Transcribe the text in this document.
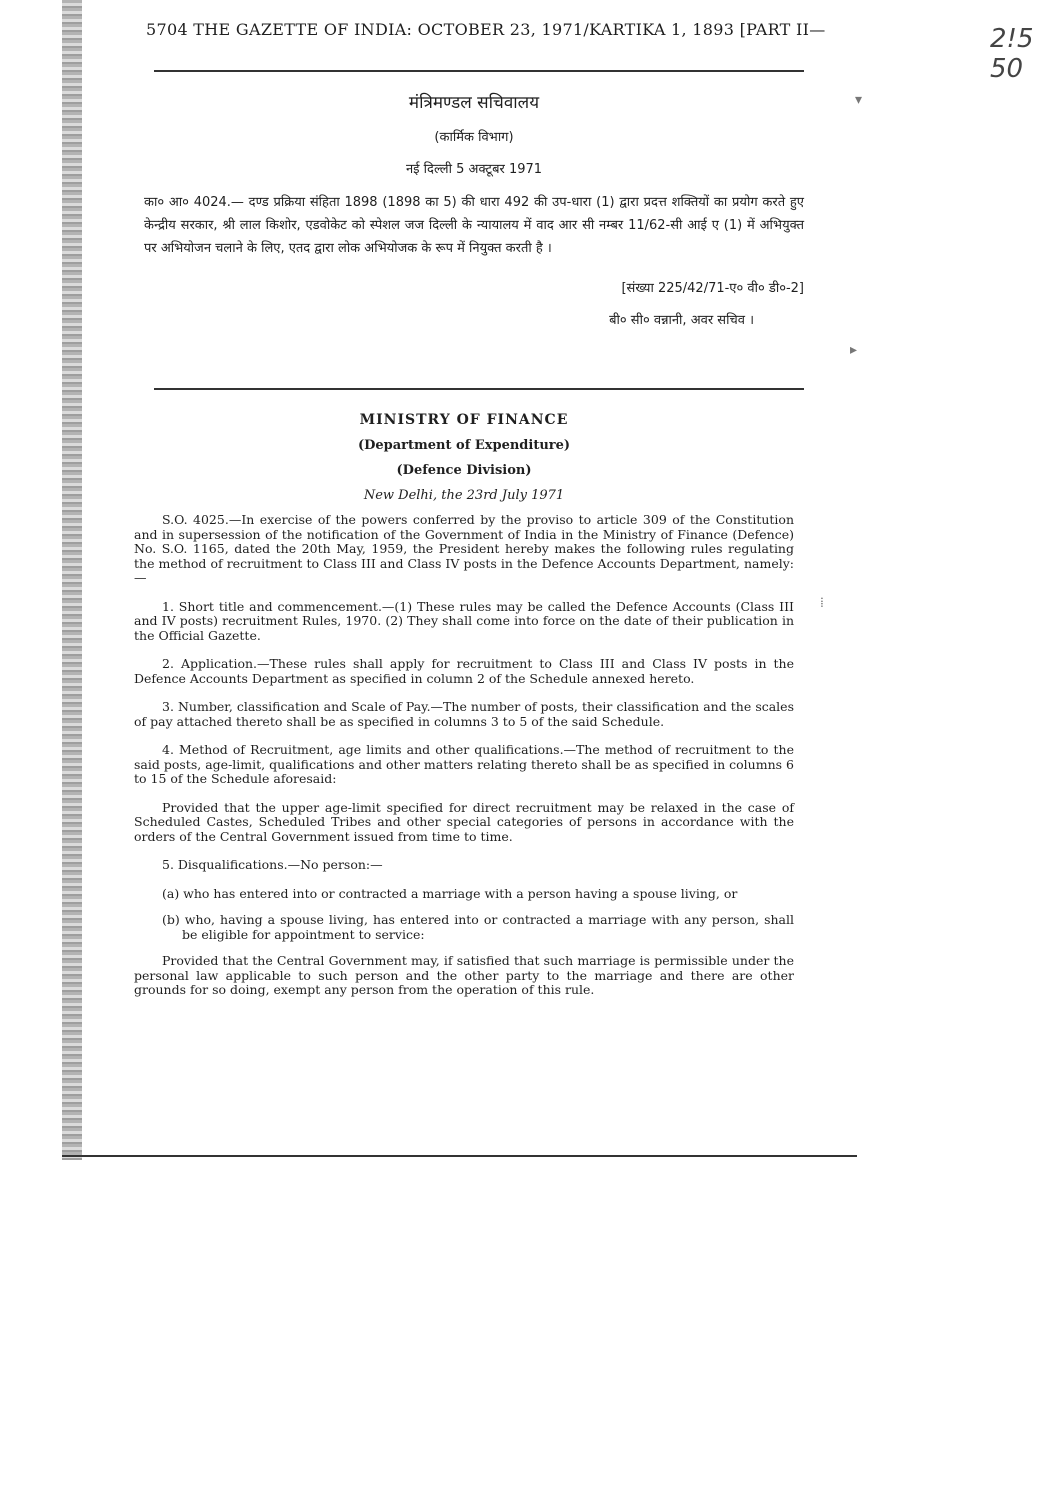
5704 THE GAZETTE OF INDIA: OCTOBER 23, 1971/KARTIKA 1, 1893 [PART II—
मंत्रिमण्डल सचिवालय
(कार्मिक विभाग)
नई दिल्ली 5 अक्टूबर 1971

का० आ० 4024.— दण्ड प्रक्रिया संहिता 1898 (1898 का 5) की धारा 492 की उप-धारा (1) द्वारा प्रदत्त शक्तियों का प्रयोग करते हुए केन्द्रीय सरकार, श्री लाल किशोर, एडवोकेट को स्पेशल जज दिल्ली के न्यायालय में वाद आर सी नम्बर 11/62-सी आई ए (1) में अभियुक्त पर अभियोजन चलाने के लिए, एतद द्वारा लोक अभियोजक के रूप में नियुक्त करती है ।

[संख्या 225/42/71-ए० वी० डी०-2]
बी० सी० वन्नानी, अवर सचिव ।
MINISTRY OF FINANCE
(Department of Expenditure)
(Defence Division)
New Delhi, the 23rd July 1971

S.O. 4025.—In exercise of the powers conferred by the proviso to article 309 of the Constitution and in supersession of the notification of the Government of India in the Ministry of Finance (Defence) No. S.O. 1165, dated the 20th May, 1959, the President hereby makes the following rules regulating the method of recruitment to Class III and Class IV posts in the Defence Accounts Department, namely:—

1. Short title and commencement.—(1) These rules may be called the Defence Accounts (Class III and IV posts) recruitment Rules, 1970. (2) They shall come into force on the date of their publication in the Official Gazette.

2. Application.—These rules shall apply for recruitment to Class III and Class IV posts in the Defence Accounts Department as specified in column 2 of the Schedule annexed hereto.

3. Number, classification and Scale of Pay.—The number of posts, their classification and the scales of pay attached thereto shall be as specified in columns 3 to 5 of the said Schedule.

4. Method of Recruitment, age limits and other qualifications.—The method of recruitment to the said posts, age-limit, qualifications and other matters relating thereto shall be as specified in columns 6 to 15 of the Schedule aforesaid:

Provided that the upper age-limit specified for direct recruitment may be relaxed in the case of Scheduled Castes, Scheduled Tribes and other special categories of persons in accordance with the orders of the Central Government issued from time to time.

5. Disqualifications.—No person:—

(a) who has entered into or contracted a marriage with a person having a spouse living, or

(b) who, having a spouse living, has entered into or contracted a marriage with any person, shall be eligible for appointment to service:

Provided that the Central Government may, if satisfied that such marriage is permissible under the personal law applicable to such person and the other party to the marriage and there are other grounds for so doing, exempt any person from the operation of this rule.

2!5
50
▾
▸
⁞
